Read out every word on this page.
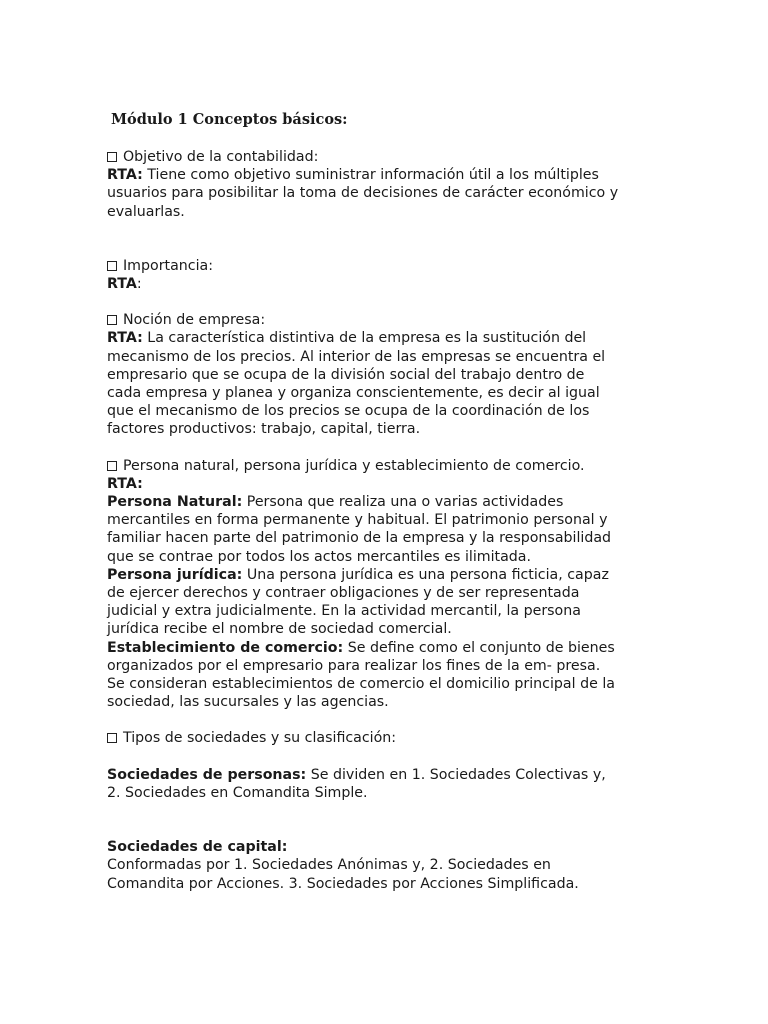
Módulo 1 Conceptos básicos:
Objetivo de la contabilidad:
RTA: Tiene como objetivo suministrar información útil a los múltiples
usuarios para posibilitar la toma de decisiones de carácter económico y
evaluarlas.
Importancia:
RTA:
Noción de empresa:
RTA: La característica distintiva de la empresa es la sustitución del
mecanismo de los precios. Al interior de las empresas se encuentra el
empresario que se ocupa de la división social del trabajo dentro de
cada empresa y planea y organiza conscientemente, es decir al igual
que el mecanismo de los precios se ocupa de la coordinación de los
factores productivos: trabajo, capital, tierra.
Persona natural, persona jurídica y establecimiento de comercio.
RTA:
Persona Natural: Persona que realiza una o varias actividades
mercantiles en forma permanente y habitual. El patrimonio personal y
familiar hacen parte del patrimonio de la empresa y la responsabilidad
que se contrae por todos los actos mercantiles es ilimitada.
Persona jurídica: Una persona jurídica es una persona ficticia, capaz
de ejercer derechos y contraer obligaciones y de ser representada
judicial y extra judicialmente. En la actividad mercantil, la persona
jurídica recibe el nombre de sociedad comercial.
Establecimiento de comercio: Se define como el conjunto de bienes
organizados por el empresario para realizar los fines de la em- presa.
Se consideran establecimientos de comercio el domicilio principal de la
sociedad, las sucursales y las agencias.
Tipos de sociedades y su clasificación:
Sociedades de personas: Se dividen en 1. Sociedades Colectivas y,
2. Sociedades en Comandita Simple.
Sociedades de capital:
Conformadas por 1. Sociedades Anónimas y, 2. Sociedades en
Comandita por Acciones. 3. Sociedades por Acciones Simplificada.
